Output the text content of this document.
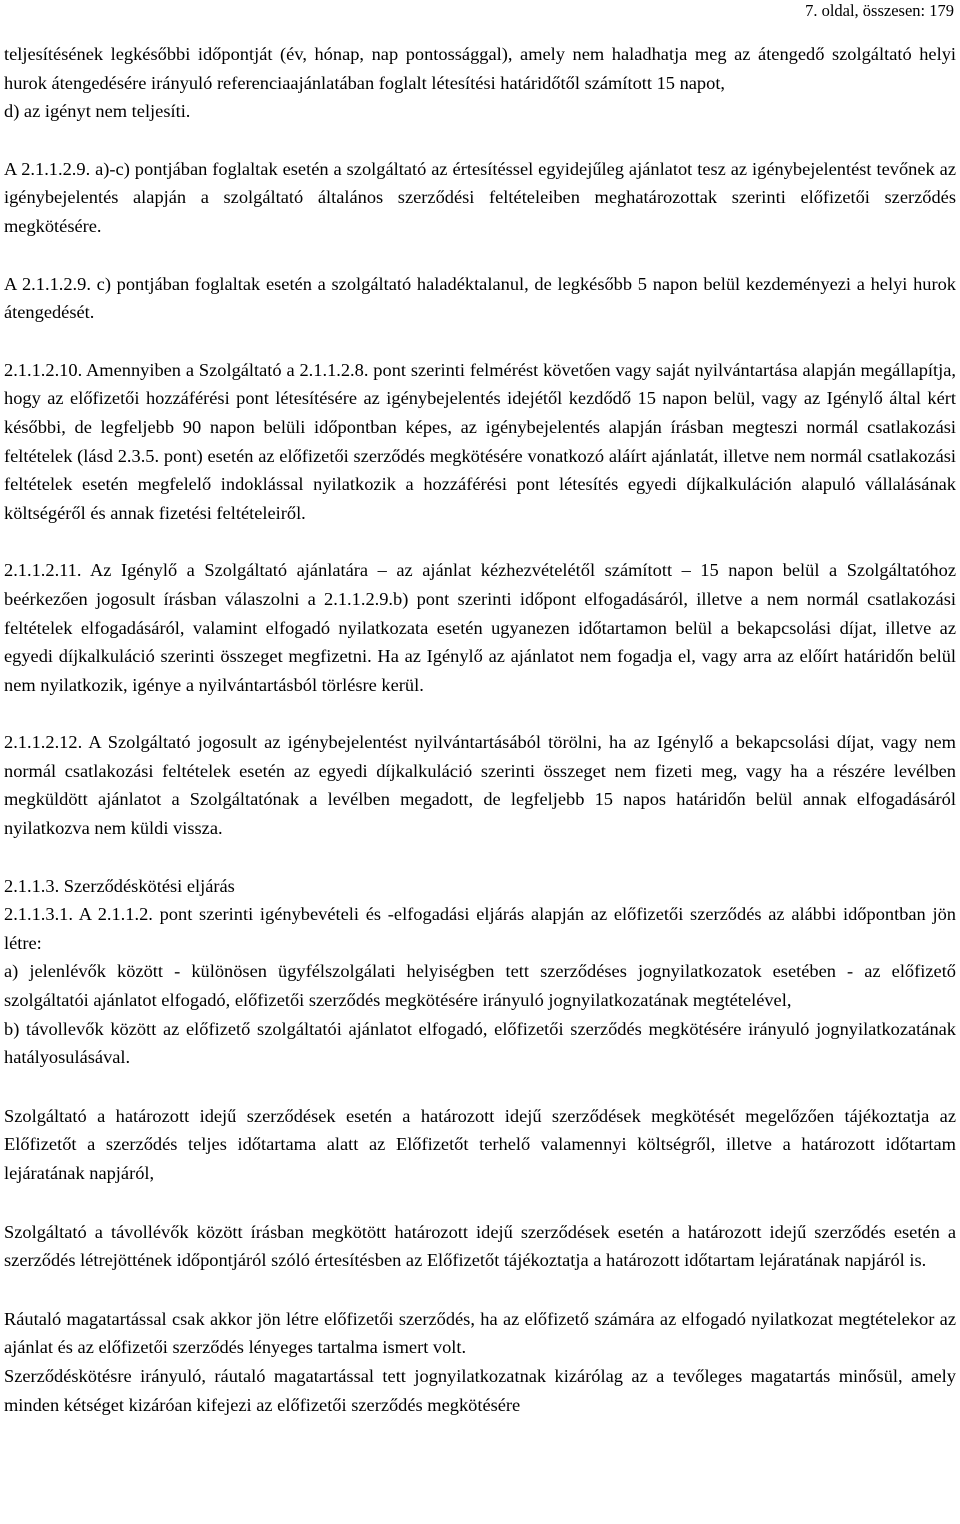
7. oldal, összesen: 179

teljesítésének legkésőbbi időpontját (év, hónap, nap pontossággal), amely nem haladhatja meg az átengedő szolgáltató helyi hurok átengedésére irányuló referenciaajánlatában foglalt létesítési határidőtől számított 15 napot,

d) az igényt nem teljesíti.

A 2.1.1.2.9. a)-c) pontjában foglaltak esetén a szolgáltató az értesítéssel egyidejűleg ajánlatot tesz az igénybejelentést tevőnek az igénybejelentés alapján a szolgáltató általános szerződési feltételeiben meghatározottak szerinti előfizetői szerződés megkötésére.

A 2.1.1.2.9. c) pontjában foglaltak esetén a szolgáltató haladéktalanul, de legkésőbb 5 napon belül kezdeményezi a helyi hurok átengedését.

2.1.1.2.10. Amennyiben a Szolgáltató a 2.1.1.2.8. pont szerinti felmérést követően vagy saját nyilvántartása alapján megállapítja, hogy az előfizetői hozzáférési pont létesítésére az igénybejelentés idejétől kezdődő 15 napon belül, vagy az Igénylő által kért későbbi, de legfeljebb 90 napon belüli időpontban képes, az igénybejelentés alapján írásban megteszi normál csatlakozási feltételek (lásd 2.3.5. pont) esetén az előfizetői szerződés megkötésére vonatkozó aláírt ajánlatát, illetve nem normál csatlakozási feltételek esetén megfelelő indoklással nyilatkozik a hozzáférési pont létesítés egyedi díjkalkuláción alapuló vállalásának költségéről és annak fizetési feltételeiről.

2.1.1.2.11. Az Igénylő a Szolgáltató ajánlatára – az ajánlat kézhezvételétől számított – 15 napon belül a Szolgáltatóhoz beérkezően jogosult írásban válaszolni a 2.1.1.2.9.b) pont szerinti időpont elfogadásáról, illetve a nem normál csatlakozási feltételek elfogadásáról, valamint elfogadó nyilatkozata esetén ugyanezen időtartamon belül a bekapcsolási díjat, illetve az egyedi díjkalkuláció szerinti összeget megfizetni. Ha az Igénylő az ajánlatot nem fogadja el, vagy arra az előírt határidőn belül nem nyilatkozik, igénye a nyilvántartásból törlésre kerül.

2.1.1.2.12. A Szolgáltató jogosult az igénybejelentést nyilvántartásából törölni, ha az Igénylő a bekapcsolási díjat, vagy nem normál csatlakozási feltételek esetén az egyedi díjkalkuláció szerinti összeget nem fizeti meg, vagy ha a részére levélben megküldött ajánlatot a Szolgáltatónak a levélben megadott, de legfeljebb 15 napos határidőn belül annak elfogadásáról nyilatkozva nem küldi vissza.

2.1.1.3. Szerződéskötési eljárás

2.1.1.3.1. A 2.1.1.2. pont szerinti igénybevételi és -elfogadási eljárás alapján az előfizetői szerződés az alábbi időpontban jön létre:

a) jelenlévők között - különösen ügyfélszolgálati helyiségben tett szerződéses jognyilatkozatok esetében - az előfizető szolgáltatói ajánlatot elfogadó, előfizetői szerződés megkötésére irányuló jognyilatkozatának megtételével,

b) távollevők között az előfizető szolgáltatói ajánlatot elfogadó, előfizetői szerződés megkötésére irányuló jognyilatkozatának hatályosulásával.

Szolgáltató a határozott idejű szerződések esetén a határozott idejű szerződések megkötését megelőzően tájékoztatja az Előfizetőt a szerződés teljes időtartama alatt az Előfizetőt terhelő valamennyi költségről, illetve a határozott időtartam lejáratának napjáról,

Szolgáltató a távollévők között írásban megkötött határozott idejű szerződések esetén a határozott idejű szerződés esetén a szerződés létrejöttének időpontjáról szóló értesítésben az Előfizetőt tájékoztatja a határozott időtartam lejáratának napjáról is.

Ráutaló magatartással csak akkor jön létre előfizetői szerződés, ha az előfizető számára az elfogadó nyilatkozat megtételekor az ajánlat és az előfizetői szerződés lényeges tartalma ismert volt.

Szerződéskötésre irányuló, ráutaló magatartással tett jognyilatkozatnak kizárólag az a tevőleges magatartás minősül, amely minden kétséget kizáróan kifejezi az előfizetői szerződés megkötésére
